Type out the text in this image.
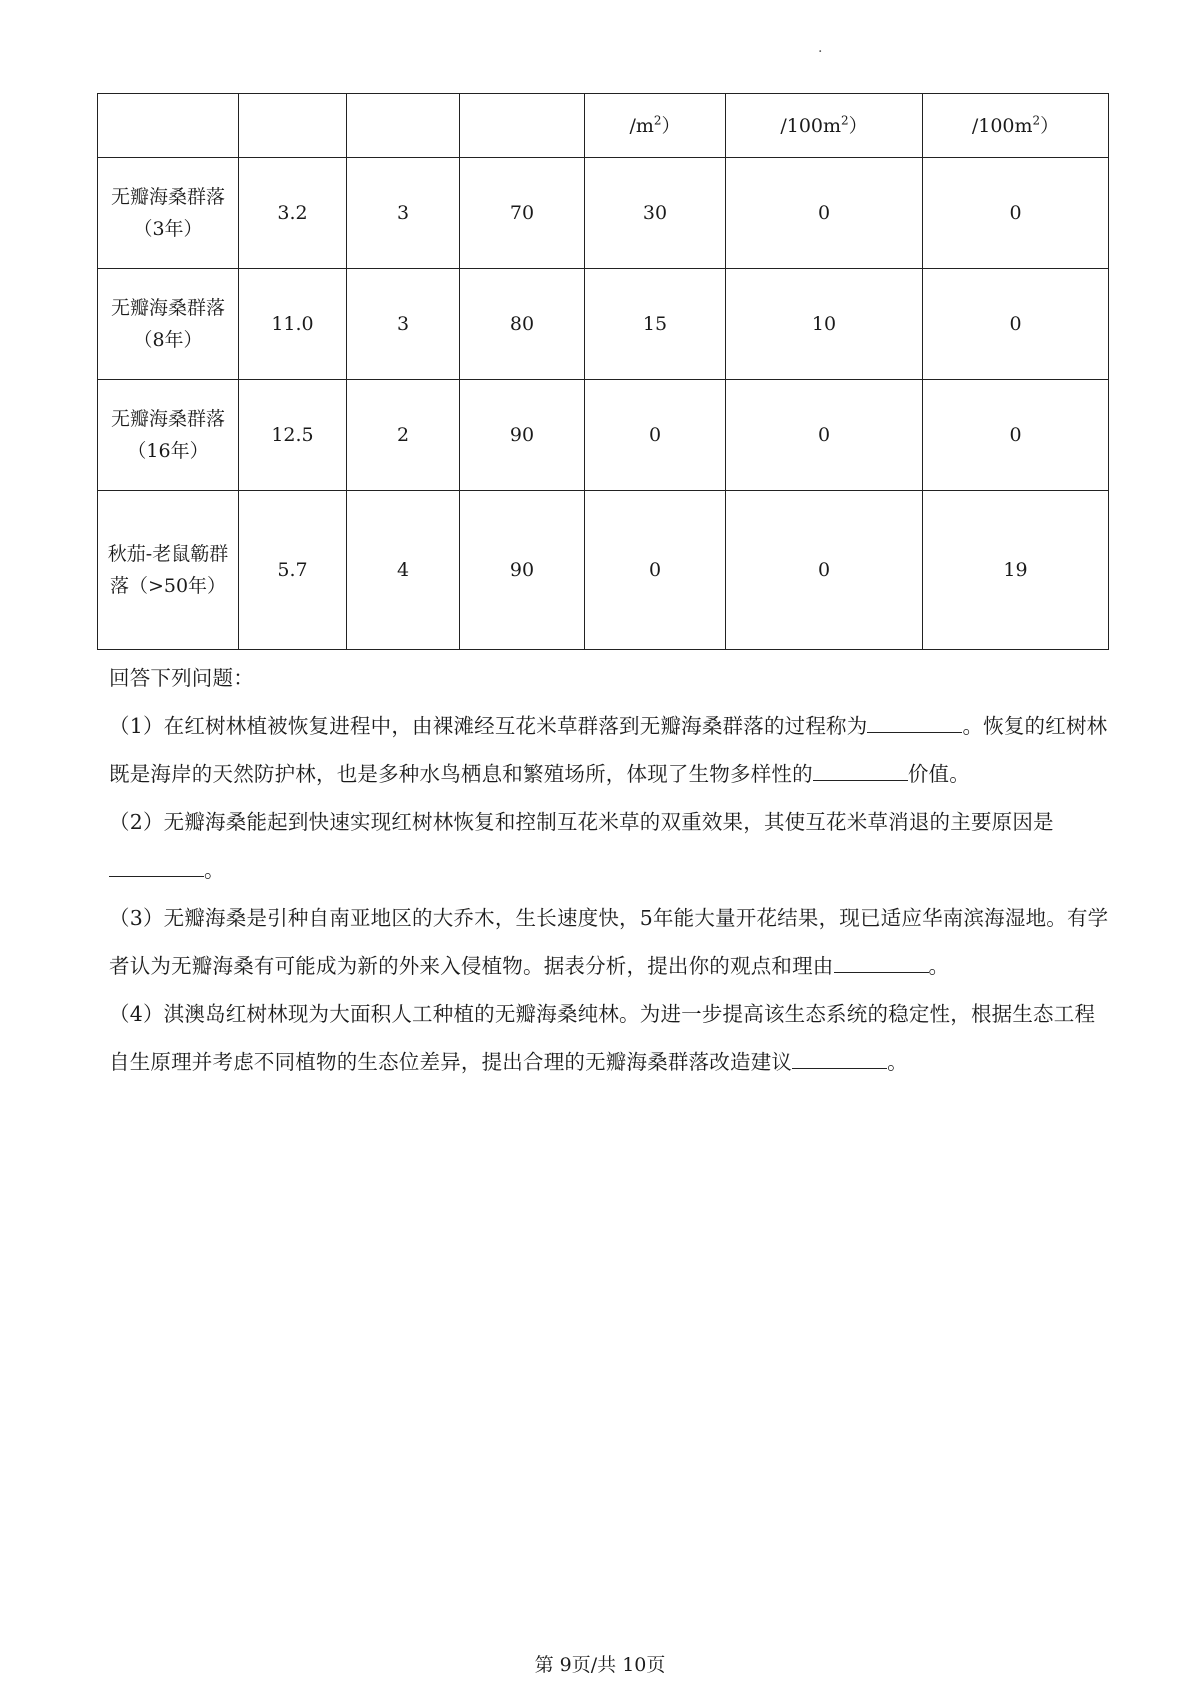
.
				$/m^2$）	$/100m^2$）	$/100m^2$）
无瓣海桑群落（3年）	3.2	3	70	30	0	0
无瓣海桑群落（8年）	11.0	3	80	15	10	0
无瓣海桑群落（16年）	12.5	2	90	0	0	0
秋茄-老鼠簕群落（>50年）	5.7	4	90	0	0	19

回答下列问题：

（1）在红树林植被恢复进程中，由裸滩经互花米草群落到无瓣海桑群落的过程称为	。恢复的红树林既是海岸的天然防护林，也是多种水鸟栖息和繁殖场所，体现了生物多样性的	价值。

（2）无瓣海桑能起到快速实现红树林恢复和控制互花米草的双重效果，其使互花米草消退的主要原因是
。

（3）无瓣海桑是引种自南亚地区的大乔木，生长速度快，5年能大量开花结果，现已适应华南滨海湿地。有学者认为无瓣海桑有可能成为新的外来入侵植物。据表分析，提出你的观点和理由	。

（4）淇澳岛红树林现为大面积人工种植的无瓣海桑纯林。为进一步提高该生态系统的稳定性，根据生态工程自生原理并考虑不同植物的生态位差异，提出合理的无瓣海桑群落改造建议	。

第 9页/共 10页
